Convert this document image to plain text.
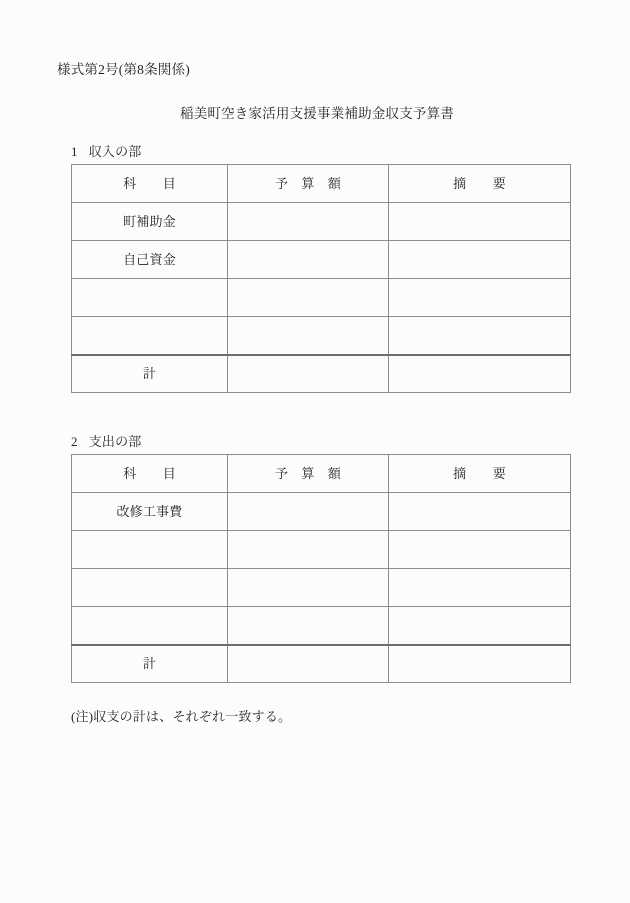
様式第2号(第8条関係)
稲美町空き家活用支援事業補助金収支予算書
1 収入の部
科　　目	予　算　額	摘　　要
町補助金		
自己資金		

計		
2 支出の部
科　　目	予　算　額	摘　　要
改修工事費		

計		
(注)収支の計は、それぞれ一致する。
